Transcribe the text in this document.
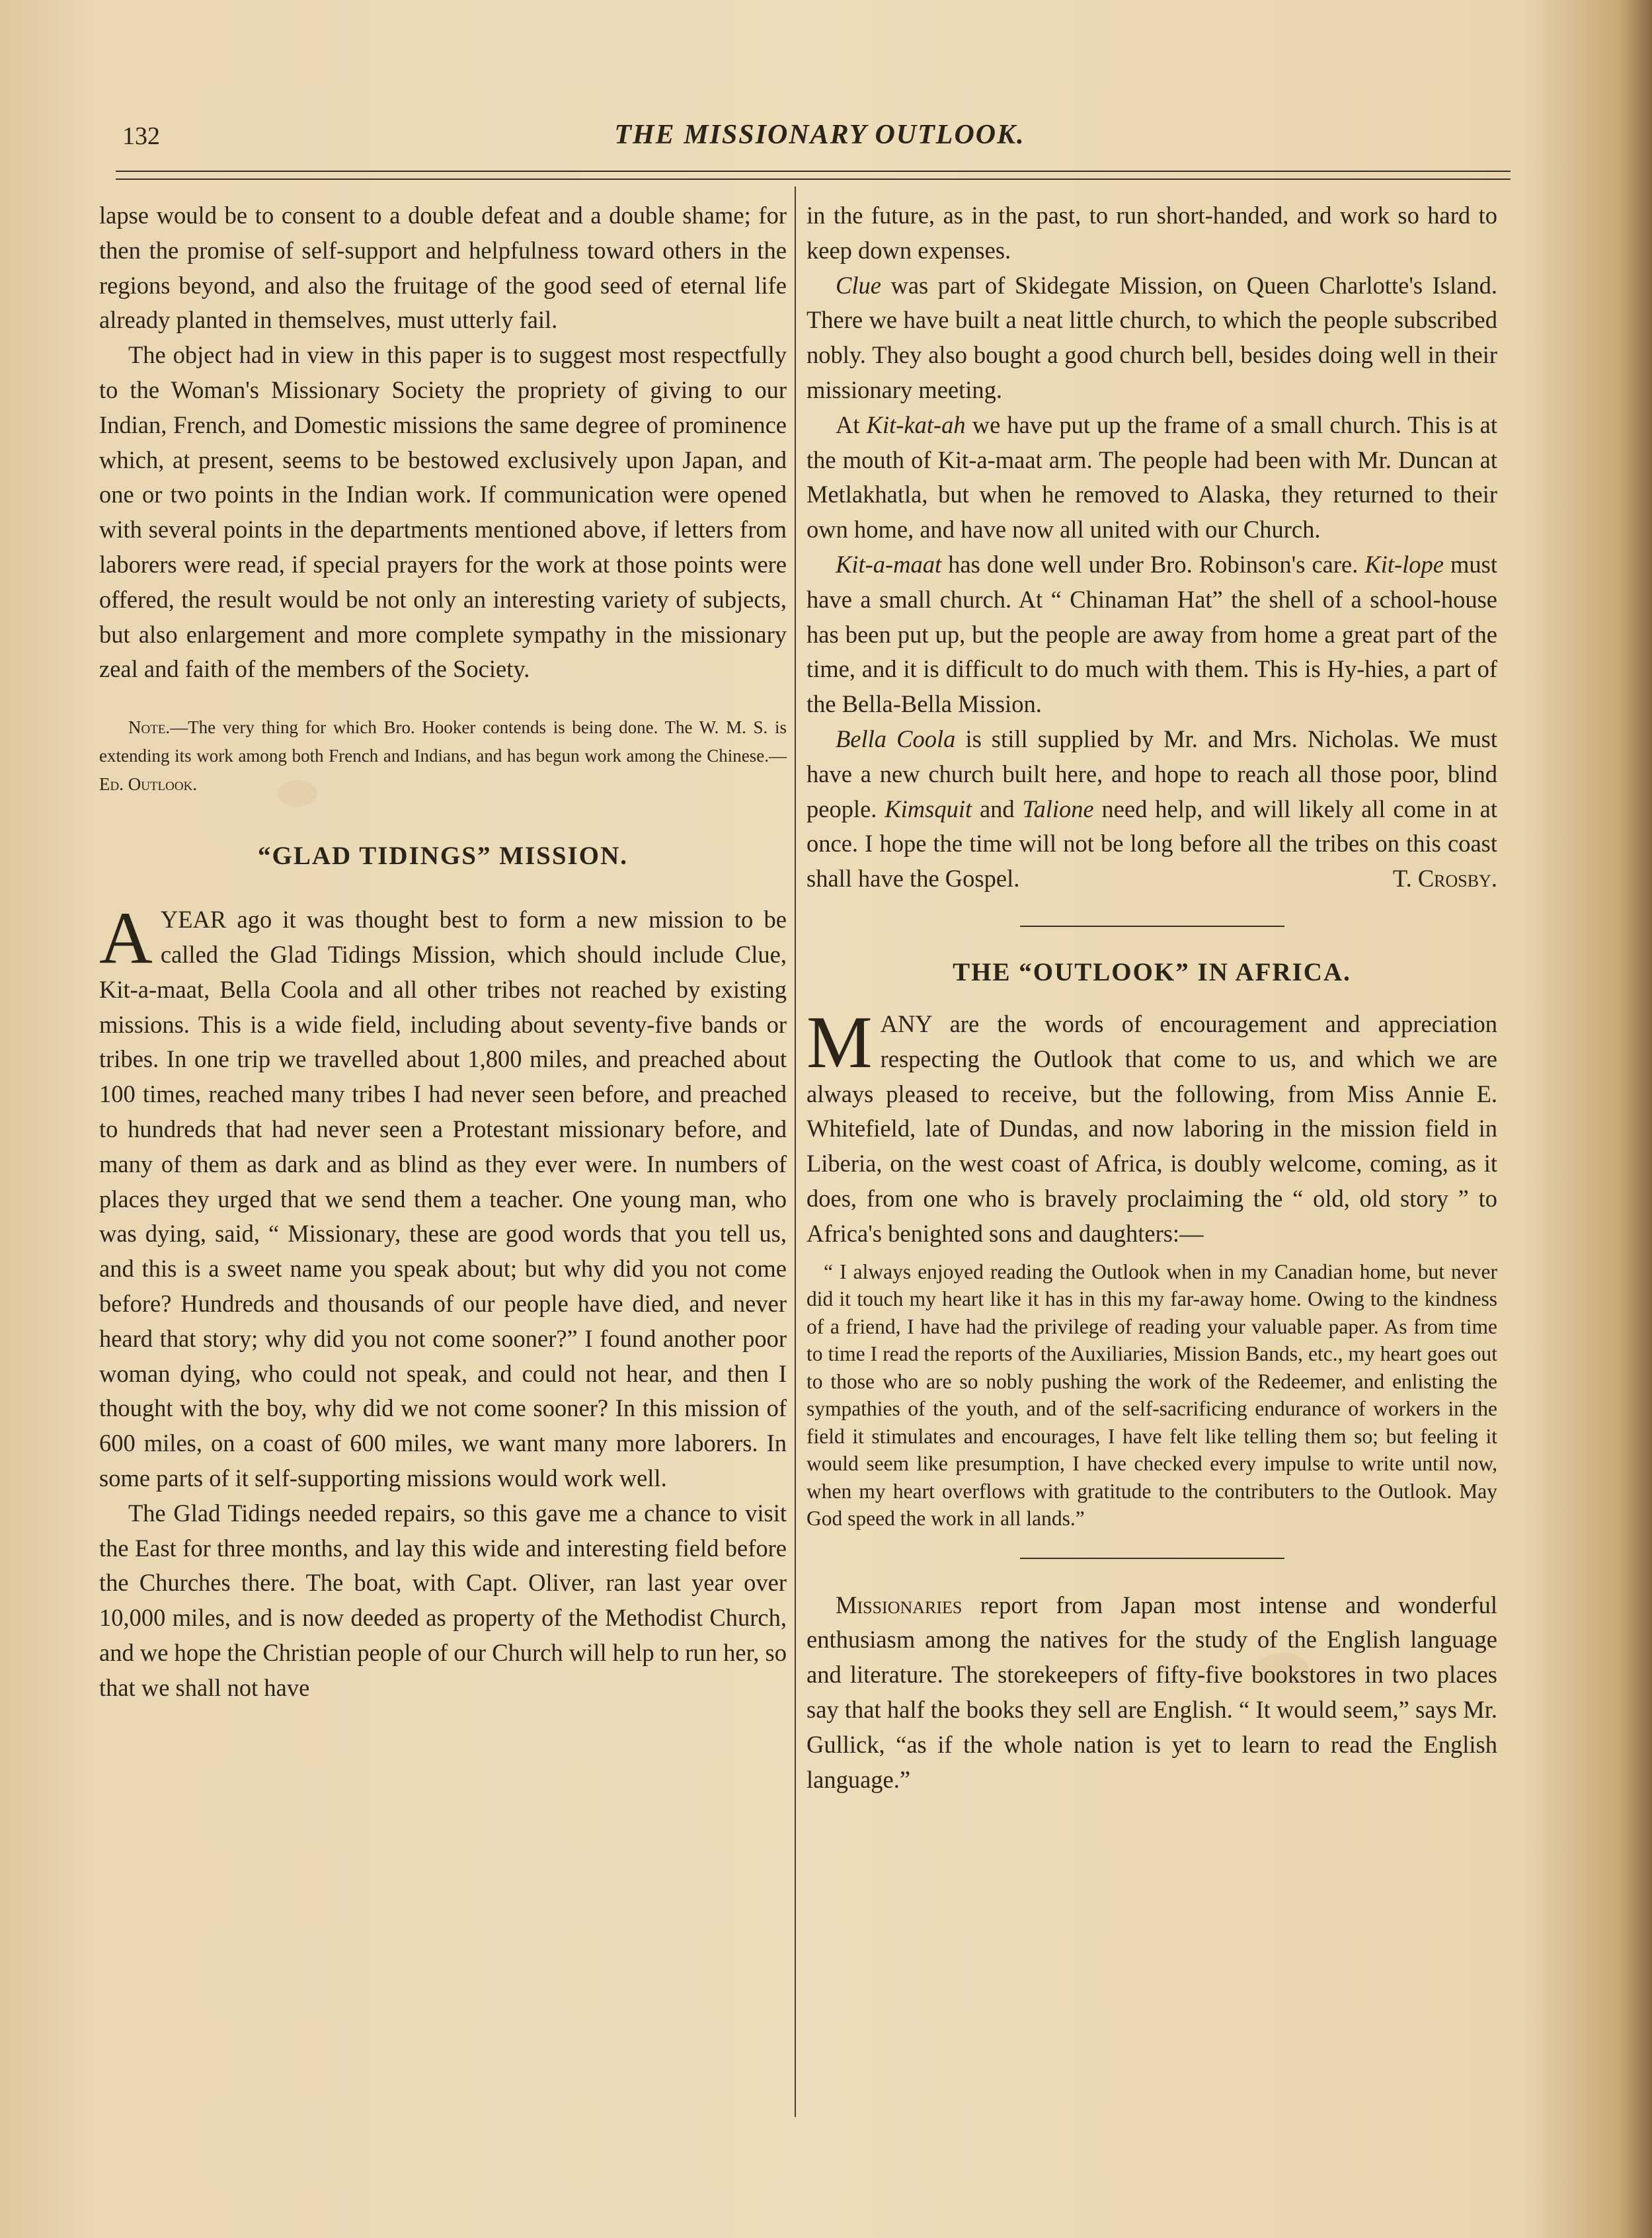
132	THE MISSIONARY OUTLOOK.

lapse would be to consent to a double defeat and a double shame; for then the promise of self-support and helpfulness toward others in the regions beyond, and also the fruitage of the good seed of eternal life already planted in themselves, must utterly fail.

The object had in view in this paper is to suggest most respectfully to the Woman's Missionary Society the propriety of giving to our Indian, French, and Domestic missions the same degree of prominence which, at present, seems to be bestowed exclusively upon Japan, and one or two points in the Indian work. If communication were opened with several points in the departments mentioned above, if letters from laborers were read, if special prayers for the work at those points were offered, the result would be not only an interesting variety of subjects, but also enlargement and more complete sympathy in the missionary zeal and faith of the members of the Society.

Note.—The very thing for which Bro. Hooker contends is being done. The W. M. S. is extending its work among both French and Indians, and has begun work among the Chinese.—Ed. Outlook.
“GLAD TIDINGS” MISSION.

AYEAR ago it was thought best to form a new mission to be called the Glad Tidings Mission, which should include Clue, Kit-a-maat, Bella Coola and all other tribes not reached by existing missions. This is a wide field, including about seventy-five bands or tribes. In one trip we travelled about 1,800 miles, and preached about 100 times, reached many tribes I had never seen before, and preached to hundreds that had never seen a Protestant missionary before, and many of them as dark and as blind as they ever were. In numbers of places they urged that we send them a teacher. One young man, who was dying, said, “ Missionary, these are good words that you tell us, and this is a sweet name you speak about; but why did you not come before? Hundreds and thousands of our people have died, and never heard that story; why did you not come sooner?” I found another poor woman dying, who could not speak, and could not hear, and then I thought with the boy, why did we not come sooner? In this mission of 600 miles, on a coast of 600 miles, we want many more laborers. In some parts of it self-supporting missions would work well.

The Glad Tidings needed repairs, so this gave me a chance to visit the East for three months, and lay this wide and interesting field before the Churches there. The boat, with Capt. Oliver, ran last year over 10,000 miles, and is now deeded as property of the Methodist Church, and we hope the Christian people of our Church will help to run her, so that we shall not have

in the future, as in the past, to run short-handed, and work so hard to keep down expenses.

Clue was part of Skidegate Mission, on Queen Charlotte's Island. There we have built a neat little church, to which the people subscribed nobly. They also bought a good church bell, besides doing well in their missionary meeting.

At Kit-kat-ah we have put up the frame of a small church. This is at the mouth of Kit-a-maat arm. The people had been with Mr. Duncan at Metlakhatla, but when he removed to Alaska, they returned to their own home, and have now all united with our Church.

Kit-a-maat has done well under Bro. Robinson's care. Kit-lope must have a small church. At “ Chinaman Hat” the shell of a school-house has been put up, but the people are away from home a great part of the time, and it is difficult to do much with them. This is Hy-hies, a part of the Bella-Bella Mission.

Bella Coola is still supplied by Mr. and Mrs. Nicholas. We must have a new church built here, and hope to reach all those poor, blind people. Kimsquit and Talione need help, and will likely all come in at once. I hope the time will not be long before all the tribes on this coast shall have the Gospel.	T. Crosby.

THE “OUTLOOK” IN AFRICA.

MANY are the words of encouragement and appreciation respecting the Outlook that come to us, and which we are always pleased to receive, but the following, from Miss Annie E. Whitefield, late of Dundas, and now laboring in the mission field in Liberia, on the west coast of Africa, is doubly welcome, coming, as it does, from one who is bravely proclaiming the “ old, old story ” to Africa's benighted sons and daughters:—

“ I always enjoyed reading the Outlook when in my Canadian home, but never did it touch my heart like it has in this my far-away home. Owing to the kindness of a friend, I have had the privilege of reading your valuable paper. As from time to time I read the reports of the Auxiliaries, Mission Bands, etc., my heart goes out to those who are so nobly pushing the work of the Redeemer, and enlisting the sympathies of the youth, and of the self-sacrificing endurance of workers in the field it stimulates and encourages, I have felt like telling them so; but feeling it would seem like presumption, I have checked every impulse to write until now, when my heart overflows with gratitude to the contributers to the Outlook. May God speed the work in all lands.”

Missionaries report from Japan most intense and wonderful enthusiasm among the natives for the study of the English language and literature. The storekeepers of fifty-five bookstores in two places say that half the books they sell are English. “ It would seem,” says Mr. Gullick, “as if the whole nation is yet to learn to read the English language.”
